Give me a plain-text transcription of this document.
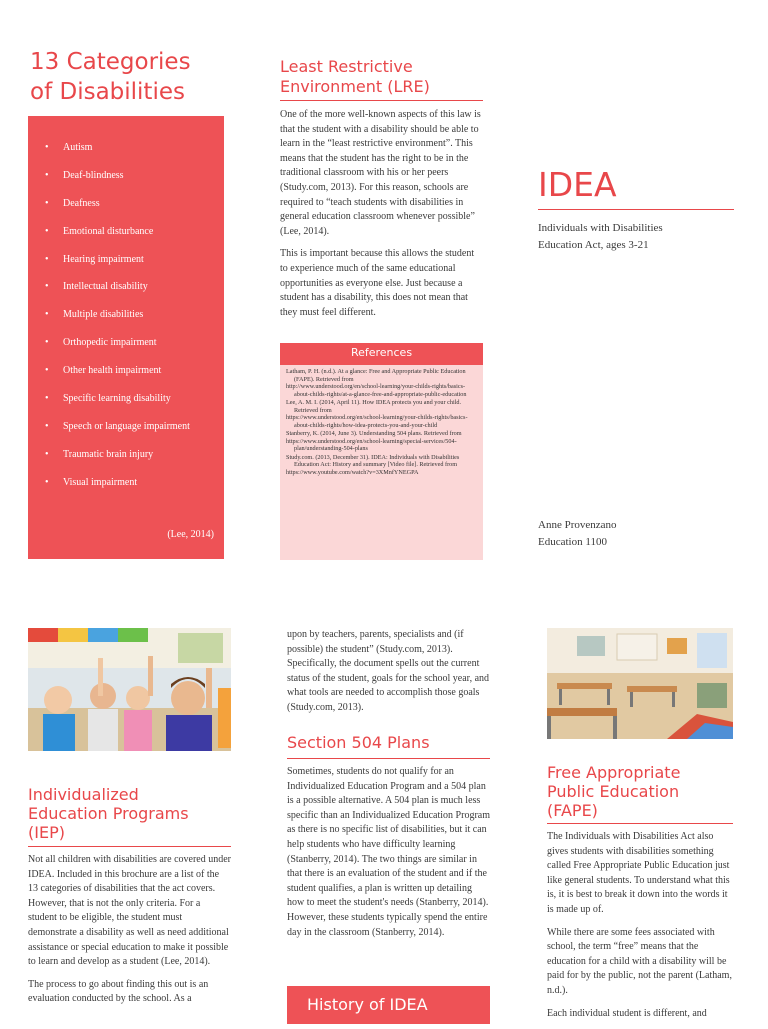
13 Categories
of Disabilities
• Autism
• Deaf-blindness
• Deafness
• Emotional disturbance
• Hearing impairment
• Intellectual disability
• Multiple disabilities
• Orthopedic impairment
• Other health impairment
• Specific learning disability
• Speech or language impairment
• Traumatic brain injury
• Visual impairment
(Lee, 2014)
Least Restrictive
Environment (LRE)

One of the more well-known aspects of this law is that the student with a disability should be able to learn in the “least restrictive environment”. This means that the student has the right to be in the traditional classroom with his or her peers (Study.com, 2013). For this reason, schools are required to “teach students with disabilities in general education classroom whenever possible” (Lee, 2014).

This is important because this allows the student to experience much of the same educational opportunities as everyone else. Just because a student has a disability, this does not mean that they must feel different.

References
Latham, P. H. (n.d.). At a glance: Free and Appropriate Public Education (FAPE). Retrieved from
http://www.understood.org/en/school-learning/your-childs-rights/basics-about-childs-rights/at-a-glance-free-and-appropriate-public-education
Lee, A. M. I. (2014, April 11). How IDEA protects you and your child. Retrieved from
https://www.understood.org/en/school-learning/your-childs-rights/basics-about-childs-rights/how-idea-protects-you-and-your-child
Stanberry, K. (2014, June 3). Understanding 504 plans. Retrieved from
https://www.understood.org/en/school-learning/special-services/504-plan/understanding-504-plans
Study.com. (2013, December 31). IDEA: Individuals with Disabilities Education Act: History and summary [Video file]. Retrieved from
https://www.youtube.com/watch?v=3XMnfYNEGPA
IDEA
Individuals with Disabilities
Education Act, ages 3-21
Anne Provenzano
Education 1100
Individualized
Education Programs
(IEP)

Not all children with disabilities are covered under IDEA. Included in this brochure are a list of the 13 categories of disabilities that the act covers. However, that is not the only criteria. For a student to be eligible, the student must demonstrate a disability as well as need additional assistance or special education to make it possible to learn and develop as a student (Lee, 2014).

The process to go about finding this out is an evaluation conducted by the school. As a

upon by teachers, parents, specialists and (if possible) the student” (Study.com, 2013). Specifically, the document spells out the current status of the student, goals for the school year, and what tools are needed to accomplish those goals (Study.com, 2013).

Section 504 Plans

Sometimes, students do not qualify for an Individualized Education Program and a 504 plan is a possible alternative. A 504 plan is much less specific than an Individualized Education Program as there is no specific list of disabilities, but it can help students who have difficulty learning (Stanberry, 2014). The two things are similar in that there is an evaluation of the student and if the student qualifies, a plan is written up detailing how to meet the student's needs (Stanberry, 2014). However, these students typically spend the entire day in the classroom (Stanberry, 2014).

History of IDEA
Free Appropriate
Public Education
(FAPE)

The Individuals with Disabilities Act also gives students with disabilities something called Free Appropriate Public Education just like general students. To understand what this is, it is best to break it down into the words it is made up of.

While there are some fees associated with school, the term “free” means that the education for a child with a disability will be paid for by the public, not the parent (Latham, n.d.).

Each individual student is different, and
